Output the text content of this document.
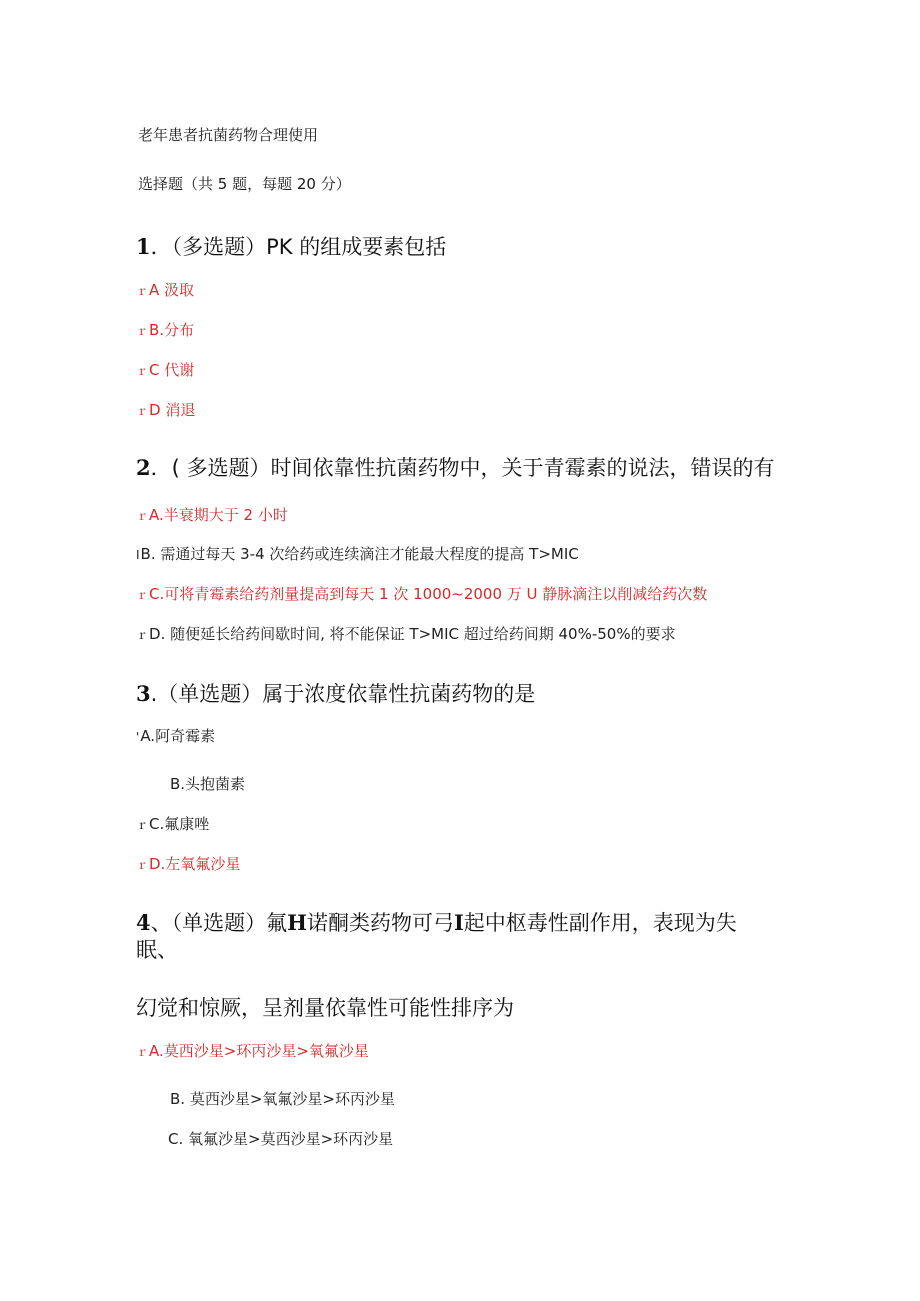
老年患者抗菌药物合理使用

选择题（共 5 题，每题 20 分）

1．（多选题）PK 的组成要素包括

ｒA 汲取

ｒB.分布

ｒC 代谢

ｒD 消退

2．( 多选题）时间依靠性抗菌药物中，关于青霉素的说法，错误的有

ｒA.半衰期大于 2 小时

IB. 需通过每天 3-4 次给药或连续滴注才能最大程度的提高 T>MIC

ｒC.可将青霉素给药剂量提高到每天 1 次 1000~2000 万 U 静脉滴注以削减给药次数

ｒD. 随便延长给药间歇时间, 将不能保证 T>MIC 超过给药间期 40%-50%的要求

3.（单选题）属于浓度依靠性抗菌药物的是

'A.阿奇霉素

B.头抱菌素

ｒC.氟康唑

ｒD.左氧氟沙星

4、（单选题）氟H诺酮类药物可弓I起中枢毒性副作用，表现为失

眠、

幻觉和惊厥，呈剂量依靠性可能性排序为

ｒA.莫西沙星>环丙沙星>氧氟沙星

B. 莫西沙星>氧氟沙星>环丙沙星

C. 氧氟沙星>莫西沙星>环丙沙星
